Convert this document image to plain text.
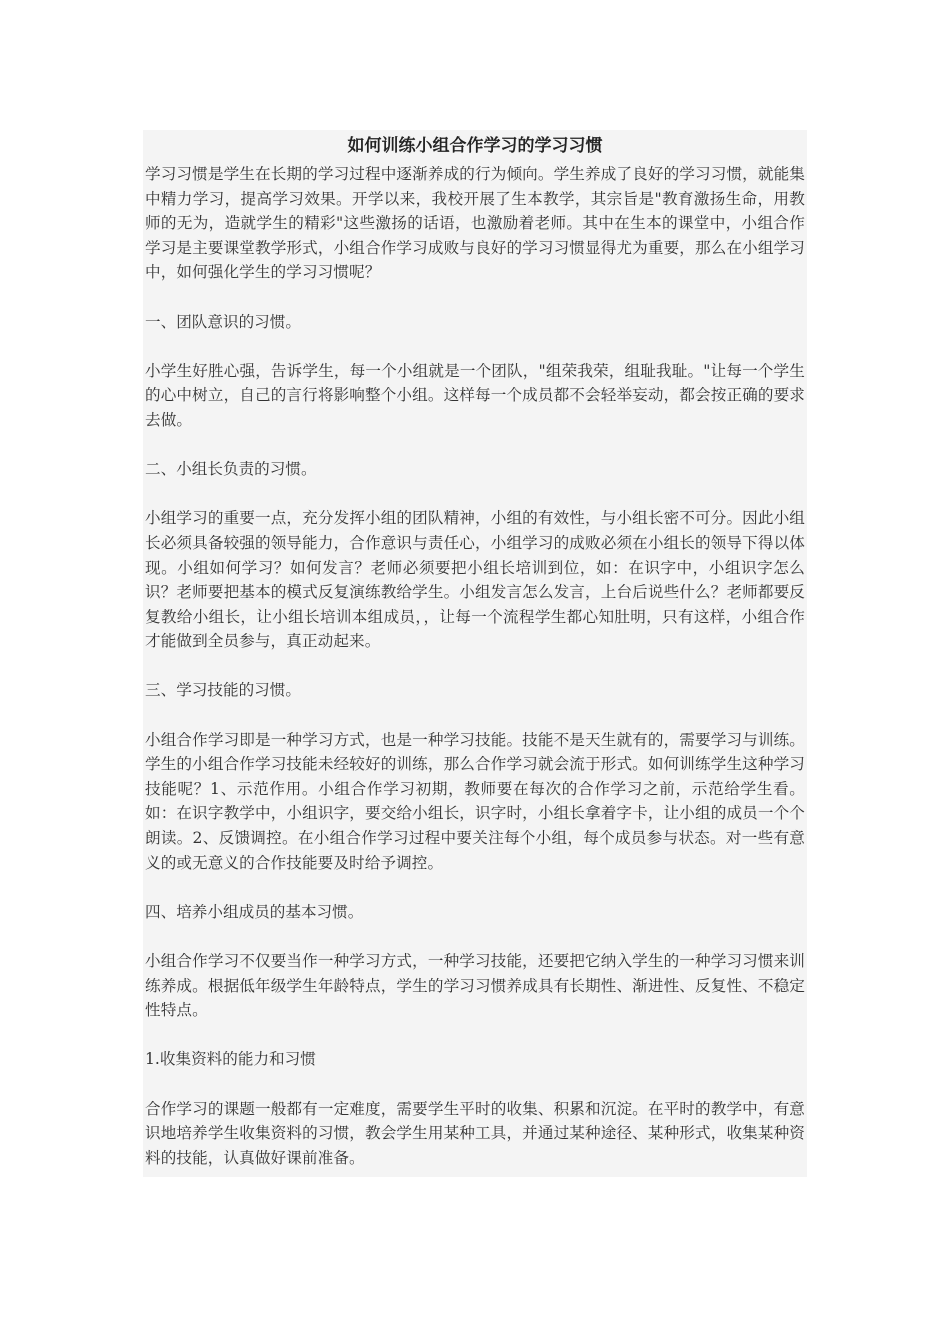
如何训练小组合作学习的学习习惯

学习习惯是学生在长期的学习过程中逐渐养成的行为倾向。学生养成了良好的学习习惯，就能集中精力学习，提高学习效果。开学以来，我校开展了生本教学，其宗旨是"教育激扬生命，用教师的无为，造就学生的精彩"这些激扬的话语，也激励着老师。其中在生本的课堂中，小组合作学习是主要课堂教学形式，小组合作学习成败与良好的学习习惯显得尤为重要，那么在小组学习中，如何强化学生的学习习惯呢？

一、团队意识的习惯。

小学生好胜心强，告诉学生，每一个小组就是一个团队，"组荣我荣，组耻我耻。"让每一个学生的心中树立，自己的言行将影响整个小组。这样每一个成员都不会轻举妄动，都会按正确的要求去做。

二、小组长负责的习惯。

小组学习的重要一点，充分发挥小组的团队精神，小组的有效性，与小组长密不可分。因此小组长必须具备较强的领导能力，合作意识与责任心，小组学习的成败必须在小组长的领导下得以体现。小组如何学习？如何发言？老师必须要把小组长培训到位，如：在识字中，小组识字怎么识？老师要把基本的模式反复演练教给学生。小组发言怎么发言，上台后说些什么？老师都要反复教给小组长，让小组长培训本组成员，，让每一个流程学生都心知肚明，只有这样，小组合作才能做到全员参与，真正动起来。

三、学习技能的习惯。

小组合作学习即是一种学习方式，也是一种学习技能。技能不是天生就有的，需要学习与训练。学生的小组合作学习技能未经较好的训练，那么合作学习就会流于形式。如何训练学生这种学习技能呢？1、示范作用。小组合作学习初期，教师要在每次的合作学习之前，示范给学生看。如：在识字教学中，小组识字，要交给小组长，识字时，小组长拿着字卡，让小组的成员一个个朗读。2、反馈调控。在小组合作学习过程中要关注每个小组，每个成员参与状态。对一些有意义的或无意义的合作技能要及时给予调控。

四、培养小组成员的基本习惯。

小组合作学习不仅要当作一种学习方式，一种学习技能，还要把它纳入学生的一种学习习惯来训练养成。根据低年级学生年龄特点，学生的学习习惯养成具有长期性、渐进性、反复性、不稳定性特点。

1.收集资料的能力和习惯

合作学习的课题一般都有一定难度，需要学生平时的收集、积累和沉淀。在平时的教学中，有意识地培养学生收集资料的习惯，教会学生用某种工具，并通过某种途径、某种形式，收集某种资料的技能，认真做好课前准备。
